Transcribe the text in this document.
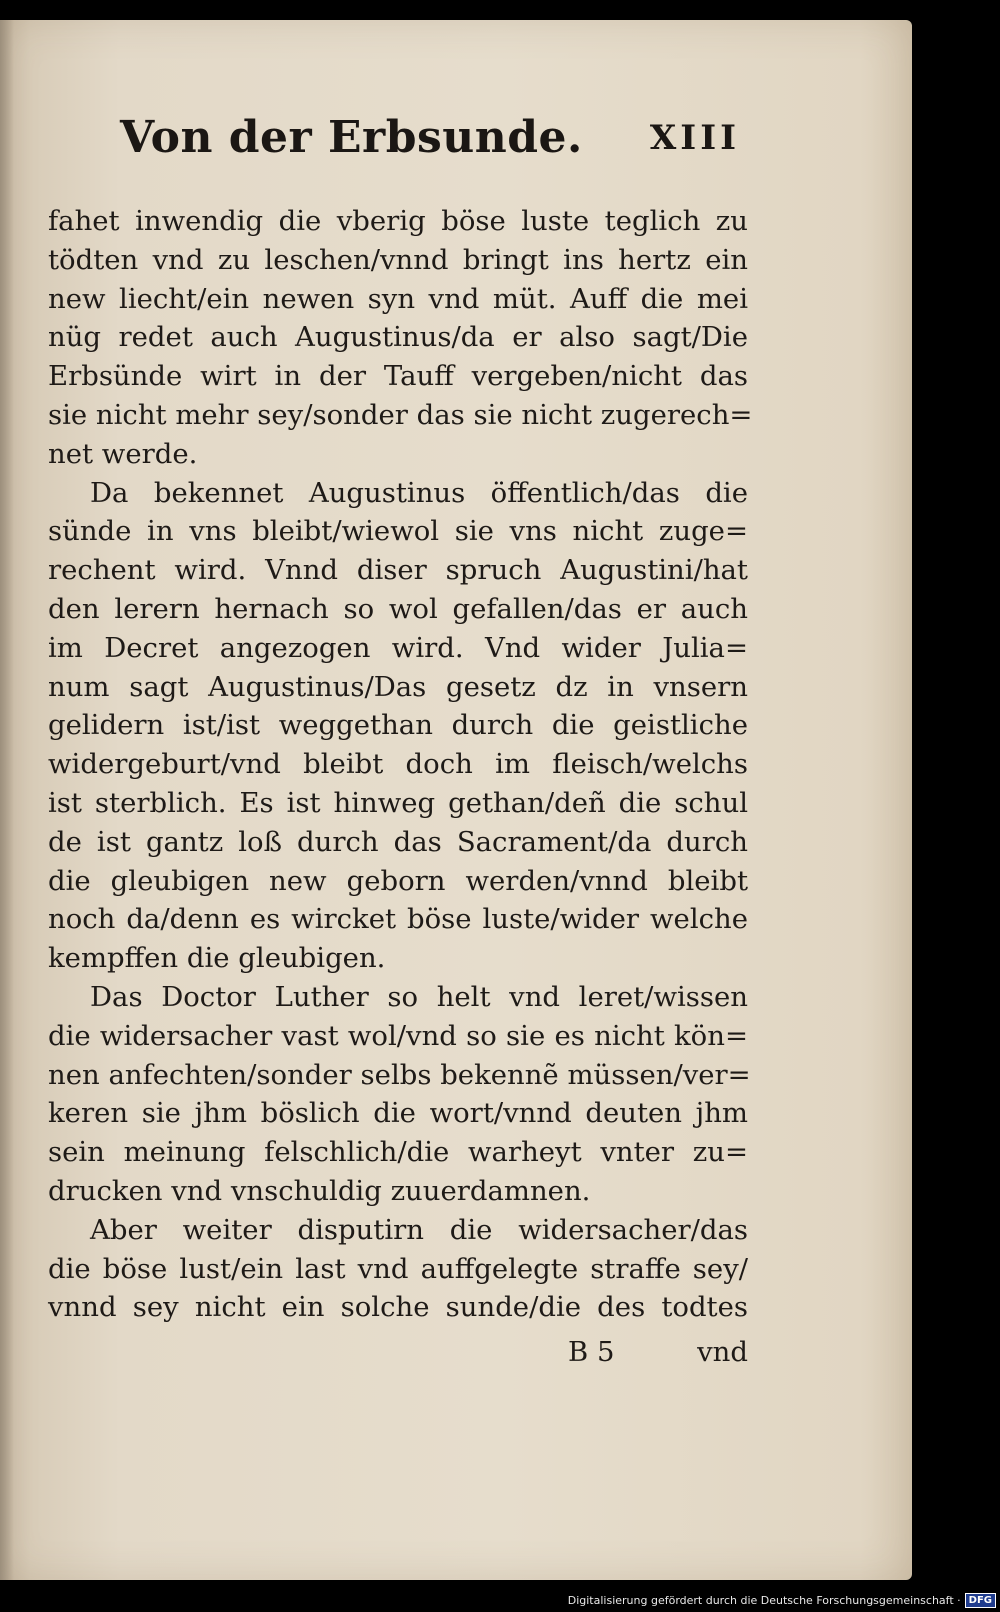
Von der Erbsunde. XIII
fahet inwendig die vberig böse luste teglich zu
tödten vnd zu leschen/vnnd bringt ins hertz ein
new liecht/ein newen syn vnd müt. Auff die mei
nüg redet auch Augustinus/da er also sagt/Die
Erbsünde wirt in der Tauff vergeben/nicht das
sie nicht mehr sey/sonder das sie nicht zugerech=
net werde.
Da bekennet Augustinus öffentlich/das die
sünde in vns bleibt/wiewol sie vns nicht zuge=
rechent wird. Vnnd diser spruch Augustini/hat
den lerern hernach so wol gefallen/das er auch
im Decret angezogen wird. Vnd wider Julia=
num sagt Augustinus/Das gesetz dz in vnsern
gelidern ist/ist weggethan durch die geistliche
widergeburt/vnd bleibt doch im fleisch/welchs
ist sterblich. Es ist hinweg gethan/deñ die schul
de ist gantz loß durch das Sacrament/da durch
die gleubigen new geborn werden/vnnd bleibt
noch da/denn es wircket böse luste/wider welche
kempffen die gleubigen.
Das Doctor Luther so helt vnd leret/wissen
die widersacher vast wol/vnd so sie es nicht kön=
nen anfechten/sonder selbs bekennẽ müssen/ver=
keren sie jhm böslich die wort/vnnd deuten jhm
sein meinung felschlich/die warheyt vnter zu=
drucken vnd vnschuldig zuuerdamnen.
Aber weiter disputirn die widersacher/das
die böse lust/ein last vnd auffgelegte straffe sey/
vnnd sey nicht ein solche sunde/die des todtes
B 5	vnd
Digitalisierung gefördert durch die Deutsche Forschungsgemeinschaft · DFG
